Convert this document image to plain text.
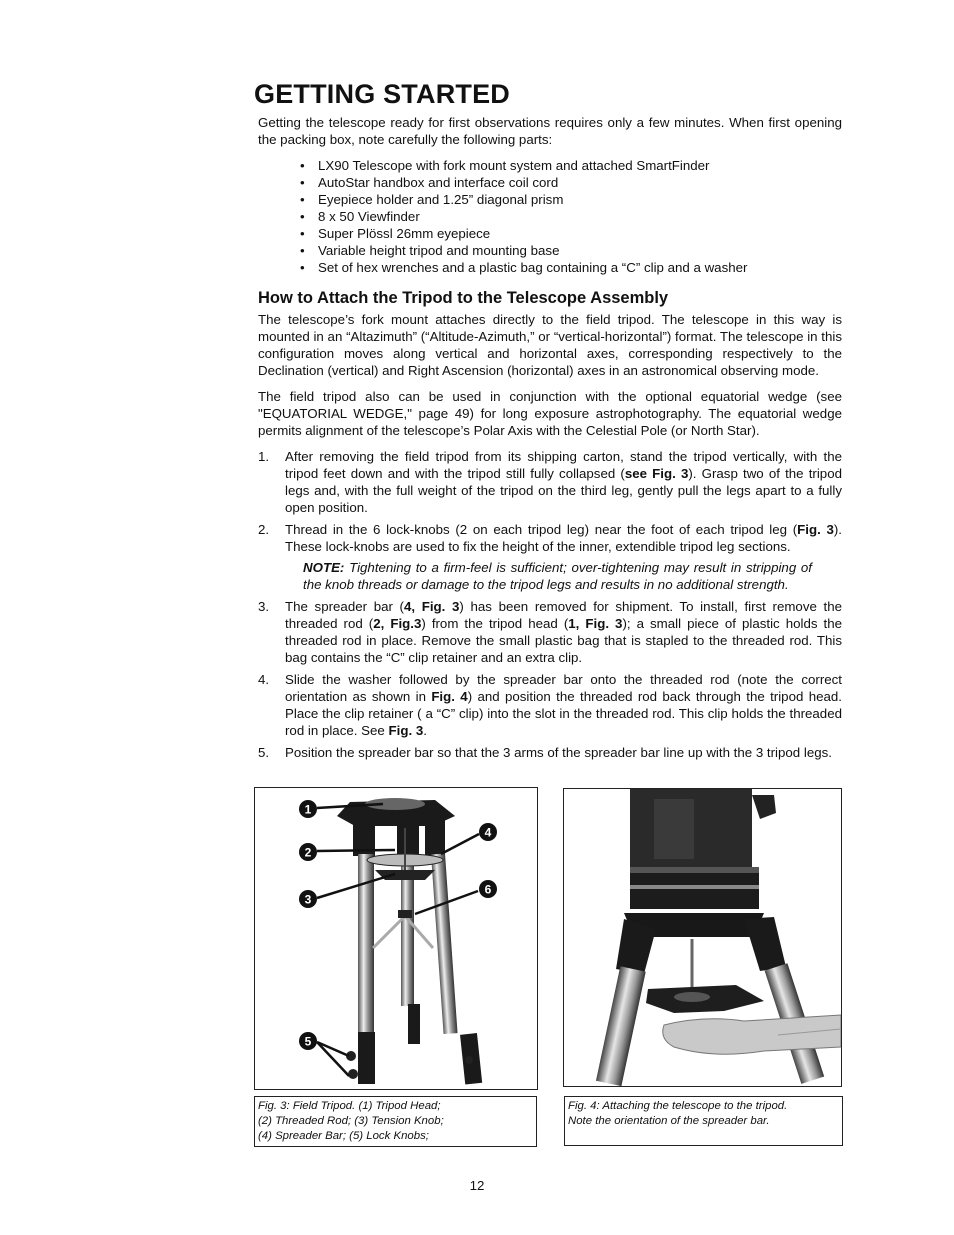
GETTING STARTED

Getting the telescope ready for first observations requires only a few minutes. When first opening the packing box, note carefully the following parts:

• LX90 Telescope with fork mount system and attached SmartFinder
• AutoStar handbox and interface coil cord
• Eyepiece holder and 1.25” diagonal prism
• 8 x 50 Viewfinder
• Super Plössl 26mm eyepiece
• Variable height tripod and mounting base
• Set of hex wrenches and a plastic bag containing a “C” clip and a washer
How to Attach the Tripod to the Telescope Assembly

The telescope’s fork mount attaches directly to the field tripod. The telescope in this way is mounted in an “Altazimuth” (“Altitude-Azimuth,” or “vertical-horizontal”) format. The telescope in this configuration moves along vertical and horizontal axes, corresponding respectively to the Declination (vertical) and Right Ascension (horizontal) axes in an astronomical observing mode.

The field tripod also can be used in conjunction with the optional equatorial wedge (see "EQUATORIAL WEDGE," page 49) for long exposure astrophotography. The equatorial wedge permits alignment of the telescope’s Polar Axis with the Celestial Pole (or North Star).

1. After removing the field tripod from its shipping carton, stand the tripod vertically, with the tripod feet down and with the tripod still fully collapsed (see Fig. 3). Grasp two of the tripod legs and, with the full weight of the tripod on the third leg, gently pull the legs apart to a fully open position.
2. Thread in the 6 lock-knobs (2 on each tripod leg) near the foot of each tripod leg (Fig. 3). These lock-knobs are used to fix the height of the inner, extendible tripod leg sections.
NOTE: Tightening to a firm-feel is sufficient; over-tightening may result in stripping of the knob threads or damage to the tripod legs and results in no additional strength.
3. The spreader bar (4, Fig. 3) has been removed for shipment. To install, first remove the threaded rod (2, Fig.3) from the tripod head (1, Fig. 3); a small piece of plastic holds the threaded rod in place. Remove the small plastic bag that is stapled to the threaded rod. This bag contains the “C” clip retainer and an extra clip.
4. Slide the washer followed by the spreader bar onto the threaded rod (note the correct orientation as shown in Fig. 4) and position the threaded rod back through the tripod head. Place the clip retainer ( a “C” clip) into the slot in the threaded rod. This clip holds the threaded rod in place. See Fig. 3.
5. Position the spreader bar so that the 3 arms of the spreader bar line up with the 3 tripod legs.
1
2
3
4
5
6
Fig. 3: Field Tripod. (1) Tripod Head;
(2) Threaded Rod; (3) Tension Knob;
(4) Spreader Bar; (5) Lock Knobs;
Fig. 4: Attaching the telescope to the tripod.
Note the orientation of the spreader bar.
12
